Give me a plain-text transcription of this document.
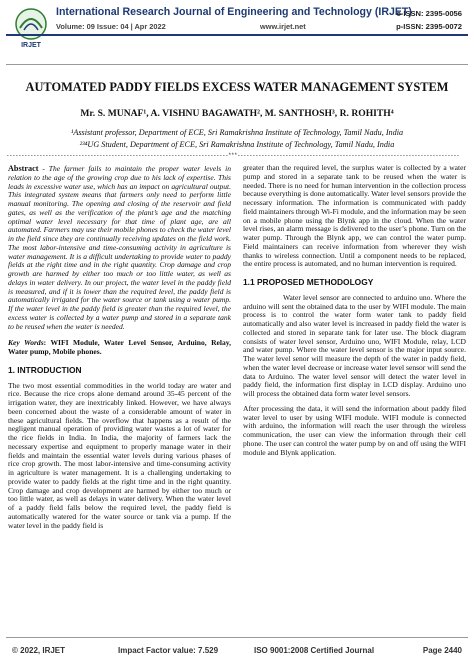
IRJET
International Research Journal of Engineering and Technology (IRJET)
Volume: 09 Issue: 04 | Apr 2022	www.irjet.net
e-ISSN: 2395-0056
p-ISSN: 2395-0072
AUTOMATED PADDY FIELDS EXCESS WATER MANAGEMENT SYSTEM
Mr. S. MUNAF¹, A. VISHNU BAGAWATH², M. SANTHOSH³, R. ROHITH⁴
¹Assistant professor, Department of ECE, Sri Ramakrishna Institute of Technology, Tamil Nadu, India
²³⁴UG Student, Department of ECE, Sri Ramakrishna Institute of Technology, Tamil Nadu, India
--------------------------------------------------------------------------***--------------------------------------------------------------------------

Abstract - The farmer fails to maintain the proper water levels in relation to the age of the growing crop due to his lack of expertise. This leads in excessive water use, which has an impact on agricultural output. This integrated system means that farmers only need to perform little manual monitoring. The opening and closing of the reservoir and field gates, as well as the verification of the plant’s age and the matching optimal water level necessary for that time of plant age, are all automated. Farmers may use their mobile phones to check the water level in the field since they are continually receiving updates on the field work. The most labor-intensive and time-consuming activity in agriculture is water management. It is a difficult undertaking to provide water to paddy fields at the right time and in the right quantity. Crop damage and crop growth are harmed by either too much or too little water, as well as delays in water delivery. In our project, the water level in the paddy field is measured, and if it is lower than the required level, the paddy field is automatically irrigated for the water source or tank using a water pump. If the water level in the paddy field is greater than the required level, the excess water is collected by a water pump and stored in a separate tank to be reused when the water is needed.

Key Words: WIFI Module, Water Level Sensor, Arduino, Relay, Water pump, Mobile phones.

1. INTRODUCTION

The two most essential commodities in the world today are water and rice. Because the rice crops alone demand around 35-45 percent of the irrigation water, they are inextricably linked. However, we have always been concerned about the waste of a considerable amount of water in these agricultural fields. The overflow that happens as a result of the negligent manual operation of providing water wastes a lot of water for the rice fields in India. In India, the majority of farmers lack the necessary expertise and equipment to properly manage water in their fields and maintain the essential water levels during various phases of rice crop growth. The most labor-intensive and time-consuming activity in agriculture is water management. It is a challenging undertaking to provide water to paddy fields at the right time and in the right quantity. Crop damage and crop development are harmed by either too much or too little water, as well as delays in water delivery. When the water level of a paddy field falls below the required level, the paddy field is automatically watered for the water source or tank via a pump. If the water level in the paddy field is

greater than the required level, the surplus water is collected by a water pump and stored in a separate tank to be reused when the water is needed. There is no need for human intervention in the collection process because everything is done automatically. Water level sensors provide the necessary information. The information is communicated with paddy field maintainers through Wi-Fi module, and the information may be seen on a mobile phone using the Blynk app in the cloud. When the water level rises, an alarm message is delivered to the user’s phone. Turn on the water pump. Through the Blynk app, we can control the water pump. Field maintainers can receive information from wherever they wish thanks to wireless connection. Until a component needs to be replaced, the entire process is automated, and no human intervention is required.

1.1 PROPOSED METHODOLOGY

Water level sensor are connected to arduino uno. Where the arduino will sent the obtained data to the user by WIFI module. The main process is to control the water form water tank to paddy field automatically and also water level is increased in paddy field the water is collected and stored in separate tank for later use. The block diagram consists of water level sensor, Arduino uno, WIFI Module, relay, LCD and water pump. Where the water level sensor is the major input source. The water level senor will measure the depth of the water in paddy field, when the water level decrease or increase water level sensor will send the data to Arduino. The water level sensor will detect the water level in paddy field, the information first display in LCD display. Arduino uno will process the obtained data form water level sensors.

After processing the data, it will send the information about paddy filed water level to user by using WIFI module. WIFI module is connected with arduino, the information will reach the user through the wireless communication, the user can view the information through their cell phone. The user can control the water pump by on and off using the WIFI module and Blynk application.

© 2022, IRJET	Impact Factor value: 7.529	ISO 9001:2008 Certified Journal	Page 2440
